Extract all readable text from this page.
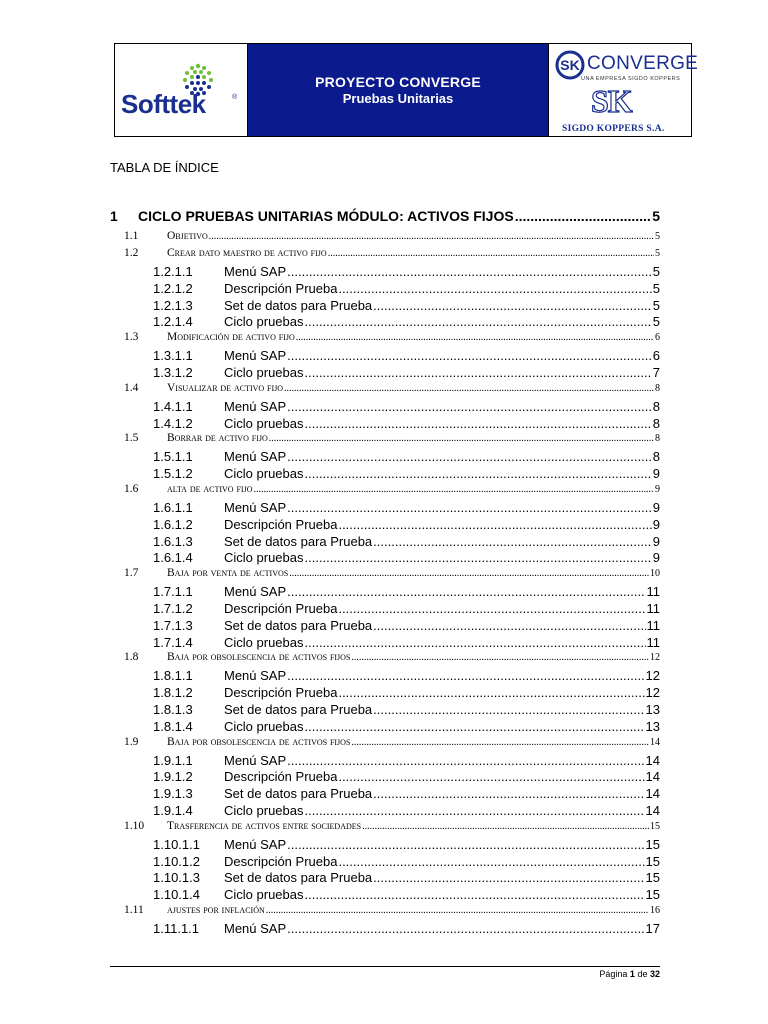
Softtek	®
PROYECTO CONVERGE
Pruebas Unitarias
SK CONVERGE
UNA EMPRESA SIGDO KOPPERS
SK
SIGDO KOPPERS S.A.
TABLA DE ÍNDICE
1	CICLO PRUEBAS UNITARIAS MÓDULO: ACTIVOS FIJOS .....	5
1.1	Objetivo .....	5
1.2	Crear dato maestro de activo fijo .....	5
1.2.1.1	Menú SAP .....	5
1.2.1.2	Descripción Prueba .....	5
1.2.1.3	Set de datos para Prueba .....	5
1.2.1.4	Ciclo pruebas .....	5
1.3	Modificación de activo fijo .....	6
1.3.1.1	Menú SAP .....	6
1.3.1.2	Ciclo pruebas .....	7
1.4	Visualizar de activo fijo .....	8
1.4.1.1	Menú SAP .....	8
1.4.1.2	Ciclo pruebas .....	8
1.5	Borrar de activo fijo .....	8
1.5.1.1	Menú SAP .....	8
1.5.1.2	Ciclo pruebas .....	9
1.6	alta de activo fijo .....	9
1.6.1.1	Menú SAP .....	9
1.6.1.2	Descripción Prueba .....	9
1.6.1.3	Set de datos para Prueba .....	9
1.6.1.4	Ciclo pruebas .....	9
1.7	Baja por venta de activos .....	10
1.7.1.1	Menú SAP .....	11
1.7.1.2	Descripción Prueba .....	11
1.7.1.3	Set de datos para Prueba .....	11
1.7.1.4	Ciclo pruebas .....	11
1.8	Baja por obsolescencia de activos fijos .....	12
1.8.1.1	Menú SAP .....	12
1.8.1.2	Descripción Prueba .....	12
1.8.1.3	Set de datos para Prueba .....	13
1.8.1.4	Ciclo pruebas .....	13
1.9	Baja por obsolescencia de activos fijos .....	14
1.9.1.1	Menú SAP .....	14
1.9.1.2	Descripción Prueba .....	14
1.9.1.3	Set de datos para Prueba .....	14
1.9.1.4	Ciclo pruebas .....	14
1.10	Trasferencia de activos entre sociedades .....	15
1.10.1.1	Menú SAP .....	15
1.10.1.2	Descripción Prueba .....	15
1.10.1.3	Set de datos para Prueba .....	15
1.10.1.4	Ciclo pruebas .....	15
1.11	ajustes por inflación .....	16
1.11.1.1	Menú SAP .....	17
Página 1 de 32
